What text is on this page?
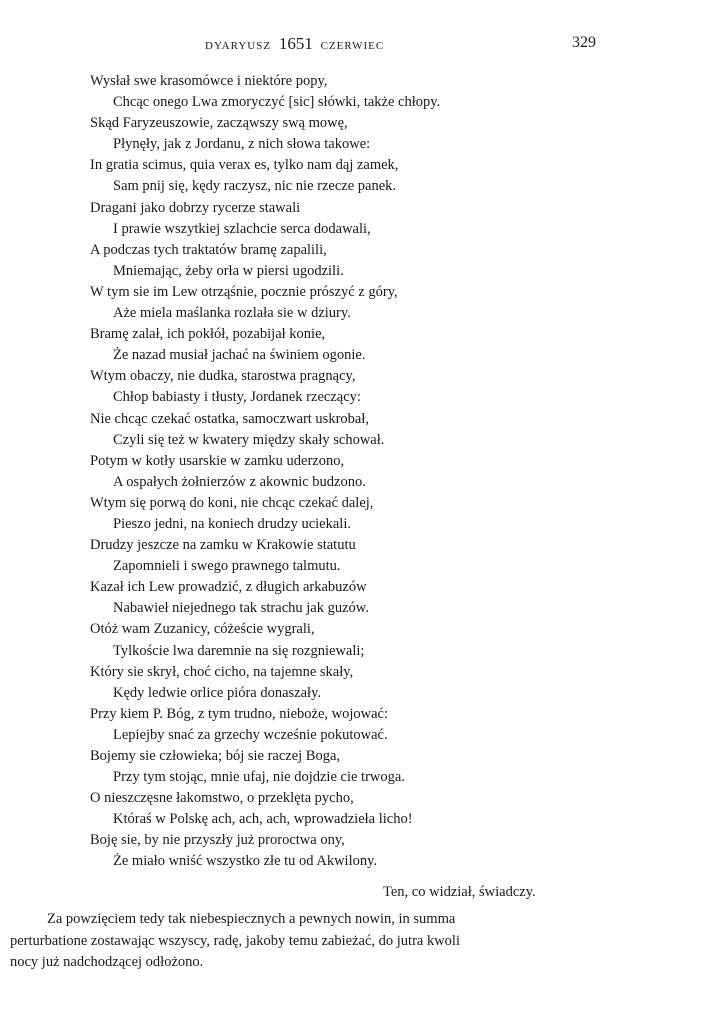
DYARYUSZ 1651 CZERWIEC	329
Wysłał swe krasomówce i niektóre popy,
Chcąc onego Lwa zmoryczyć [sic] słówki, także chłopy.
Skąd Faryzeuszowie, zacząwszy swą mowę,
Płynęły, jak z Jordanu, z nich słowa takowe:
In gratia scimus, quia verax es, tylko nam dąj zamek,
Sam pnij się, kędy raczysz, nic nie rzecze panek.
Dragani jako dobrzy rycerze stawali
I prawie wszytkiej szlachcie serca dodawali,
A podczas tych traktatów bramę zapalili,
Mniemając, żeby orła w piersi ugodzili.
W tym sie im Lew otrząśnie, pocznie prószyć z góry,
Aże miela maślanka rozlała sie w dziury.
Bramę zalał, ich pokłół, pozabijał konie,
Że nazad musiał jachać na świniem ogonie.
Wtym obaczy, nie dudka, starostwa pragnący,
Chłop babiasty i tłusty, Jordanek rzeczący:
Nie chcąc czekać ostatka, samoczwart uskrobał,
Czyli się też w kwatery między skały schował.
Potym w kotły usarskie w zamku uderzono,
A ospałych żołnierzów z akownic budzono.
Wtym się porwą do koni, nie chcąc czekać dalej,
Pieszo jedni, na koniech drudzy uciekali.
Drudzy jeszcze na zamku w Krakowie statutu
Zapomnieli i swego prawnego talmutu.
Kazał ich Lew prowadzić, z długich arkabuzów
Nabawieł niejednego tak strachu jak guzów.
Otóż wam Zuzanicy, cóżeście wygrali,
Tylkoście lwa daremnie na się rozgniewali;
Który sie skrył, choć cicho, na tajemne skały,
Kędy ledwie orlice pióra donaszały.
Przy kiem P. Bóg, z tym trudno, nieboże, wojować:
Lepiejby snać za grzechy wcześnie pokutować.
Bojemy sie człowieka; bój sie raczej Boga,
Przy tym stojąc, mnie ufaj, nie dojdzie cie trwoga.
O nieszczęsne łakomstwo, o przeklęta pycho,
Któraś w Polskę ach, ach, ach, wprowadzieła licho!
Boję sie, by nie przyszły już proroctwa ony,
Że miało wniść wszystko złe tu od Akwilony.
Ten, co widział, świadczy.
Za powzięciem tedy tak niebespiecznych a pewnych nowin, in summa
perturbatione zostawając wszyscy, radę, jakoby temu zabieżać, do jutra kwoli
nocy już nadchodzącej odłożono.
